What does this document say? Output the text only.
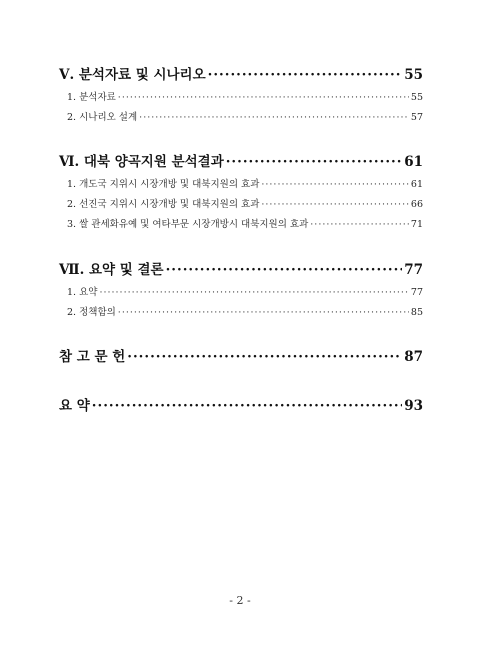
Ⅴ. 분석자료 및 시나리오 ·····	55
1. 분석자료 ·····	55
2. 시나리오 설계 ·····	57
Ⅵ. 대북 양곡지원 분석결과 ·····	61
1. 개도국 지위시 시장개방 및 대북지원의 효과 ·····	61
2. 선진국 지위시 시장개방 및 대북지원의 효과 ·····	66
3. 쌀 관세화유예 및 여타부문 시장개방시 대북지원의 효과 ·····	71
Ⅶ. 요약 및 결론 ·····	77
1. 요약 ·····	77
2. 정책함의 ·····	85
참 고 문 헌 ·····	87
요 약 ·····	93
- 2 -
